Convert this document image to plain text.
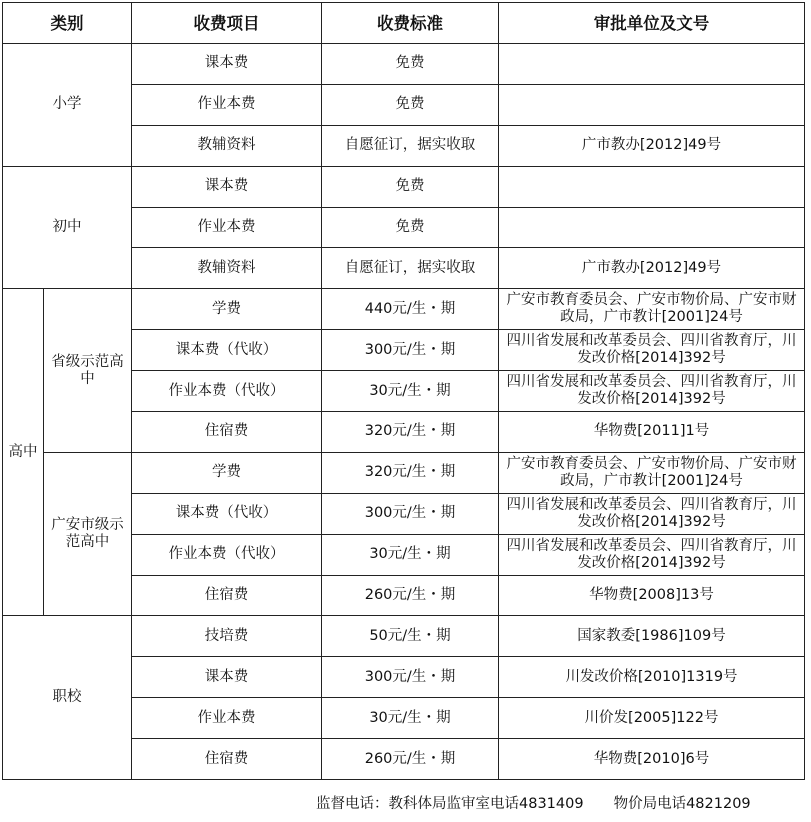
类别		收费项目	收费标准	审批单位及文号
小学		课本费	免费	
		作业本费	免费	
		教辅资料	自愿征订，据实收取	广市教办[2012]49号
初中		课本费	免费	
		作业本费	免费	
		教辅资料	自愿征订，据实收取	广市教办[2012]49号
高中	省级示范高中	学费	440元/生・期	广安市教育委员会、广安市物价局、广安市财政局，广市教计[2001]24号
		课本费（代收）	300元/生・期	四川省发展和改革委员会、四川省教育厅，川发改价格[2014]392号
		作业本费（代收）	30元/生・期	四川省发展和改革委员会、四川省教育厅，川发改价格[2014]392号
		住宿费	320元/生・期	华物费[2011]1号
	广安市级示范高中	学费	320元/生・期	广安市教育委员会、广安市物价局、广安市财政局，广市教计[2001]24号
		课本费（代收）	300元/生・期	四川省发展和改革委员会、四川省教育厅，川发改价格[2014]392号
		作业本费（代收）	30元/生・期	四川省发展和改革委员会、四川省教育厅，川发改价格[2014]392号
		住宿费	260元/生・期	华物费[2008]13号
职校		技培费	50元/生・期	国家教委[1986]109号
		课本费	300元/生・期	川发改价格[2010]1319号
		作业本费	30元/生・期	川价发[2005]122号
		住宿费	260元/生・期	华物费[2010]6号
监督电话：教科体局监审室电话4831409 物价局电话4821209
